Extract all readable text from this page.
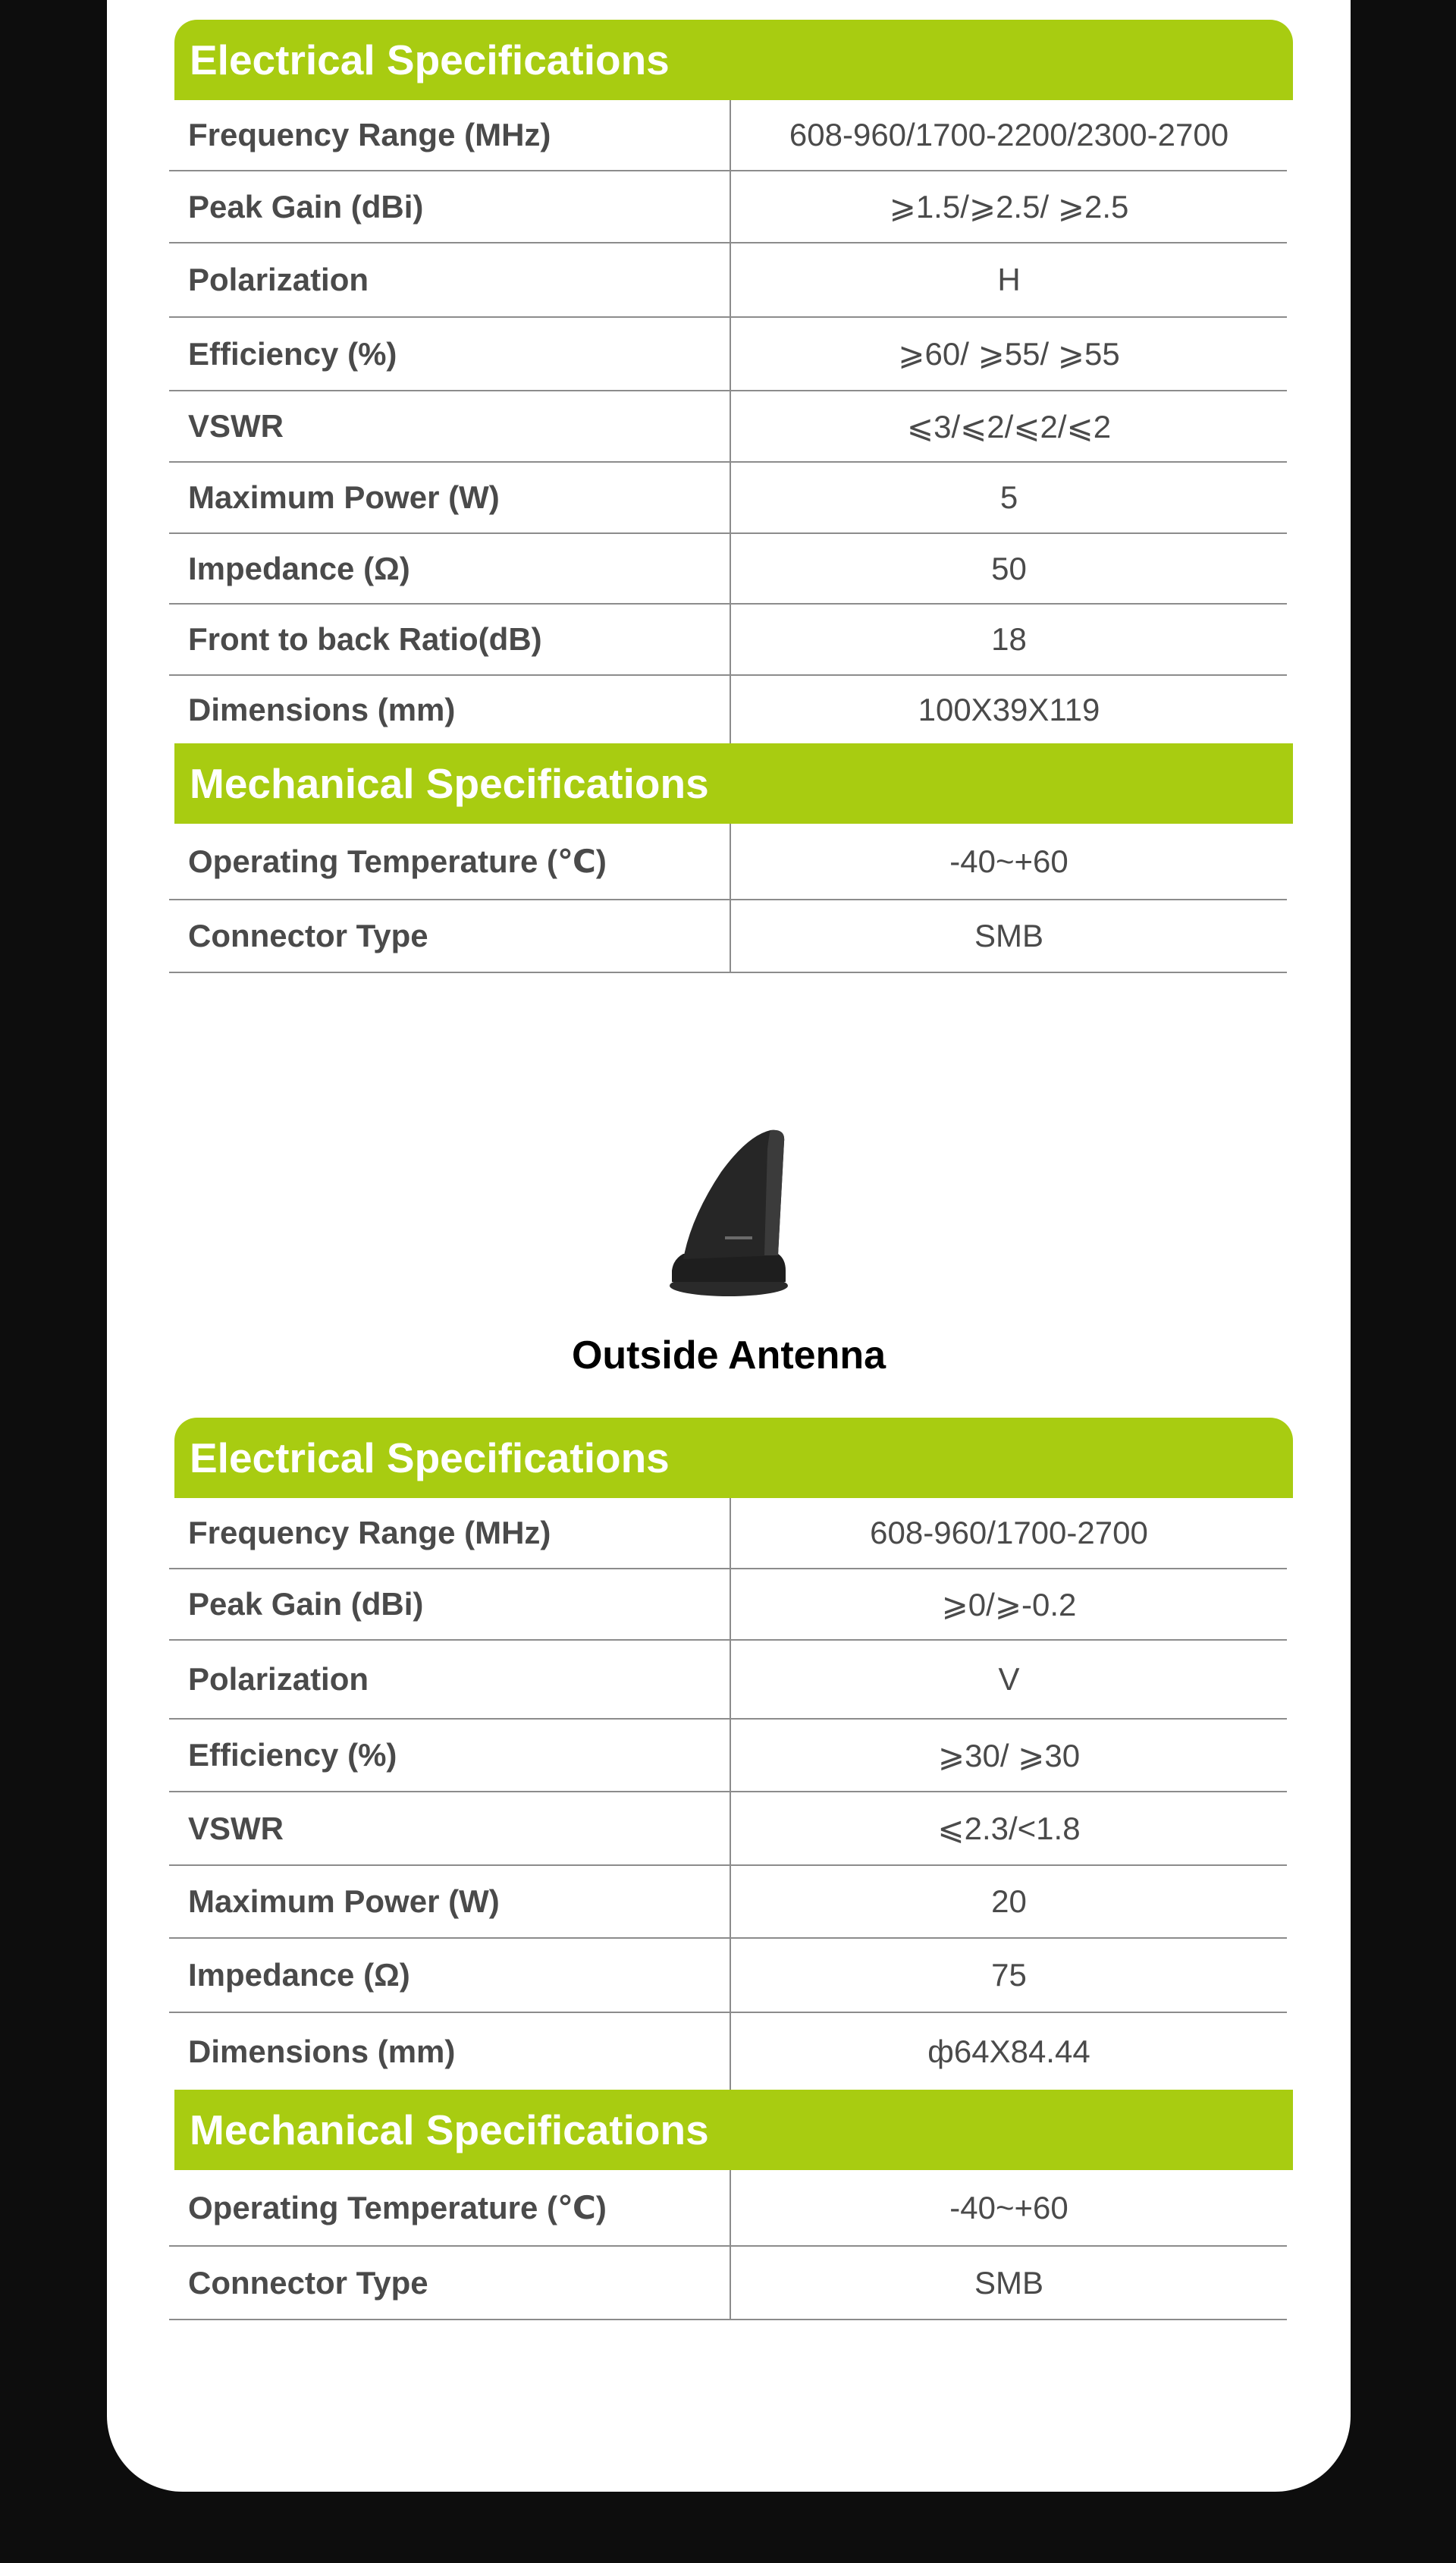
Electrical Specifications
Frequency Range (MHz)	608-960/1700-2200/2300-2700
Peak Gain (dBi)	⩾1.5/⩾2.5/ ⩾2.5
Polarization	H
Efficiency (%)	⩾60/ ⩾55/ ⩾55
VSWR	⩽3/⩽2/⩽2/⩽2
Maximum Power (W)	5
Impedance (Ω)	50
Front to back Ratio(dB)	18
Dimensions (mm)	100X39X119
Mechanical Specifications
Operating Temperature (℃)	-40~+60
Connector Type	SMB
Outside Antenna
Electrical Specifications
Frequency Range (MHz)	608-960/1700-2700
Peak Gain (dBi)	⩾0/⩾-0.2
Polarization	V
Efficiency (%)	⩾30/ ⩾30
VSWR	⩽2.3/<1.8
Maximum Power (W)	20
Impedance (Ω)	75
Dimensions (mm)	ф64X84.44
Mechanical Specifications
Operating Temperature (℃)	-40~+60
Connector Type	SMB
